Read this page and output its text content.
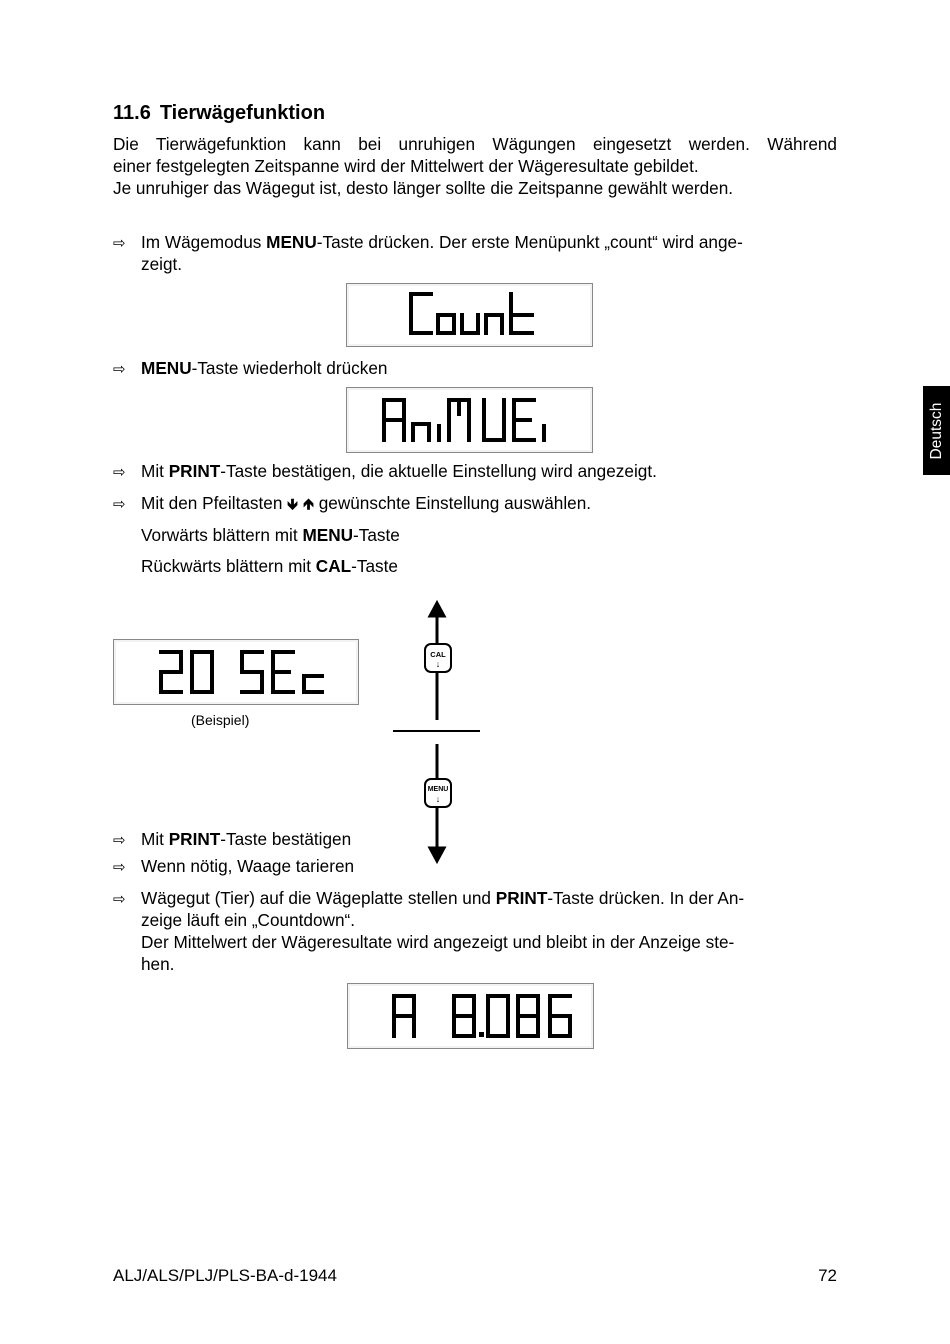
11.6 Tierwägefunktion
Die Tierwägefunktion kann bei unruhigen Wägungen eingesetzt werden. Während
einer festgelegten Zeitspanne wird der Mittelwert der Wägeresultate gebildet.
Je unruhiger das Wägegut ist, desto länger sollte die Zeitspanne gewählt werden.
⇨ Im Wägemodus MENU-Taste drücken. Der erste Menüpunkt „count“ wird ange-
zeigt.
⇨ MENU-Taste wiederholt drücken
⇨ Mit PRINT-Taste bestätigen, die aktuelle Einstellung wird angezeigt.
⇨ Mit den Pfeiltasten 🡻 🡹 gewünschte Einstellung auswählen.
Vorwärts blättern mit MENU-Taste
Rückwärts blättern mit CAL-Taste
(Beispiel)
CAL
↓
MENU
↓
⇨ Mit PRINT-Taste bestätigen
⇨ Wenn nötig, Waage tarieren
⇨ Wägegut (Tier) auf die Wägeplatte stellen und PRINT-Taste drücken. In der An-
zeige läuft ein „Countdown“.
Der Mittelwert der Wägeresultate wird angezeigt und bleibt in der Anzeige ste-
hen.
Deutsch
ALJ/ALS/PLJ/PLS-BA-d-1944	72
